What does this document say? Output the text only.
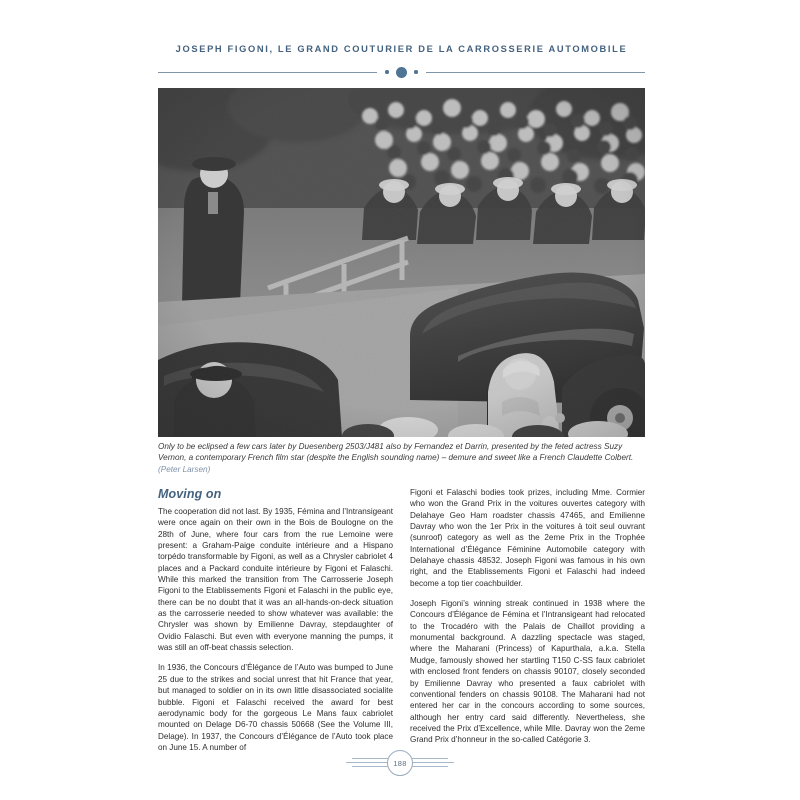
JOSEPH FIGONI, LE GRAND COUTURIER DE LA CARROSSERIE AUTOMOBILE
Only to be eclipsed a few cars later by Duesenberg 2503/J481 also by Fernandez et Darrin, presented by the feted actress Suzy Vernon, a contemporary French film star (despite the English sounding name) – demure and sweet like a French Claudette Colbert. (Peter Larsen)
Moving on

The cooperation did not last. By 1935, Fémina and l’Intransigeant were once again on their own in the Bois de Boulogne on the 28th of June, where four cars from the rue Lemoine were present: a Graham-Paige conduite intérieure and a Hispano torpédo transformable by Figoni, as well as a Chrysler cabriolet 4 places and a Packard conduite intérieure by Figoni et Falaschi. While this marked the transition from The Carrosserie Joseph Figoni to the Etablissements Figoni et Falaschi in the public eye, there can be no doubt that it was an all-hands-on-deck situation as the carrosserie needed to show whatever was available: the Chrysler was shown by Emilienne Davray, stepdaughter of Ovidio Falaschi. But even with everyone manning the pumps, it was still an off-beat chassis selection.

In 1936, the Concours d’Élégance de l’Auto was bumped to June 25 due to the strikes and social unrest that hit France that year, but managed to soldier on in its own little disassociated socialite bubble. Figoni et Falaschi received the award for best aerodynamic body for the gorgeous Le Mans faux cabriolet mounted on Delage D6-70 chassis 50668 (See the Volume III, Delage). In 1937, the Concours d’Élégance de l’Auto took place on June 15. A number of

Figoni et Falaschi bodies took prizes, including Mme. Cormier who won the Grand Prix in the voitures ouvertes category with Delahaye Geo Ham roadster chassis 47465, and Emilienne Davray who won the 1er Prix in the voitures à toit seul ouvrant (sunroof) category as well as the 2eme Prix in the Trophée International d’Élégance Féminine Automobile category with Delahaye chassis 48532. Joseph Figoni was famous in his own right, and the Etablissements Figoni et Falaschi had indeed become a top tier coachbuilder.

Joseph Figoni’s winning streak continued in 1938 where the Concours d’Élégance de Fémina et l’Intransigeant had relocated to the Trocadéro with the Palais de Chaillot providing a monumental background. A dazzling spectacle was staged, where the Maharani (Princess) of Kapurthala, a.k.a. Stella Mudge, famously showed her startling T150 C-SS faux cabriolet with enclosed front fenders on chassis 90107, closely seconded by Emilienne Davray who presented a faux cabriolet with conventional fenders on chassis 90108. The Maharani had not entered her car in the concours according to some sources, although her entry card said differently. Nevertheless, she received the Prix d’Excellence, while Mlle. Davray won the 2eme Grand Prix d’honneur in the so-called Catégorie 3.

188
